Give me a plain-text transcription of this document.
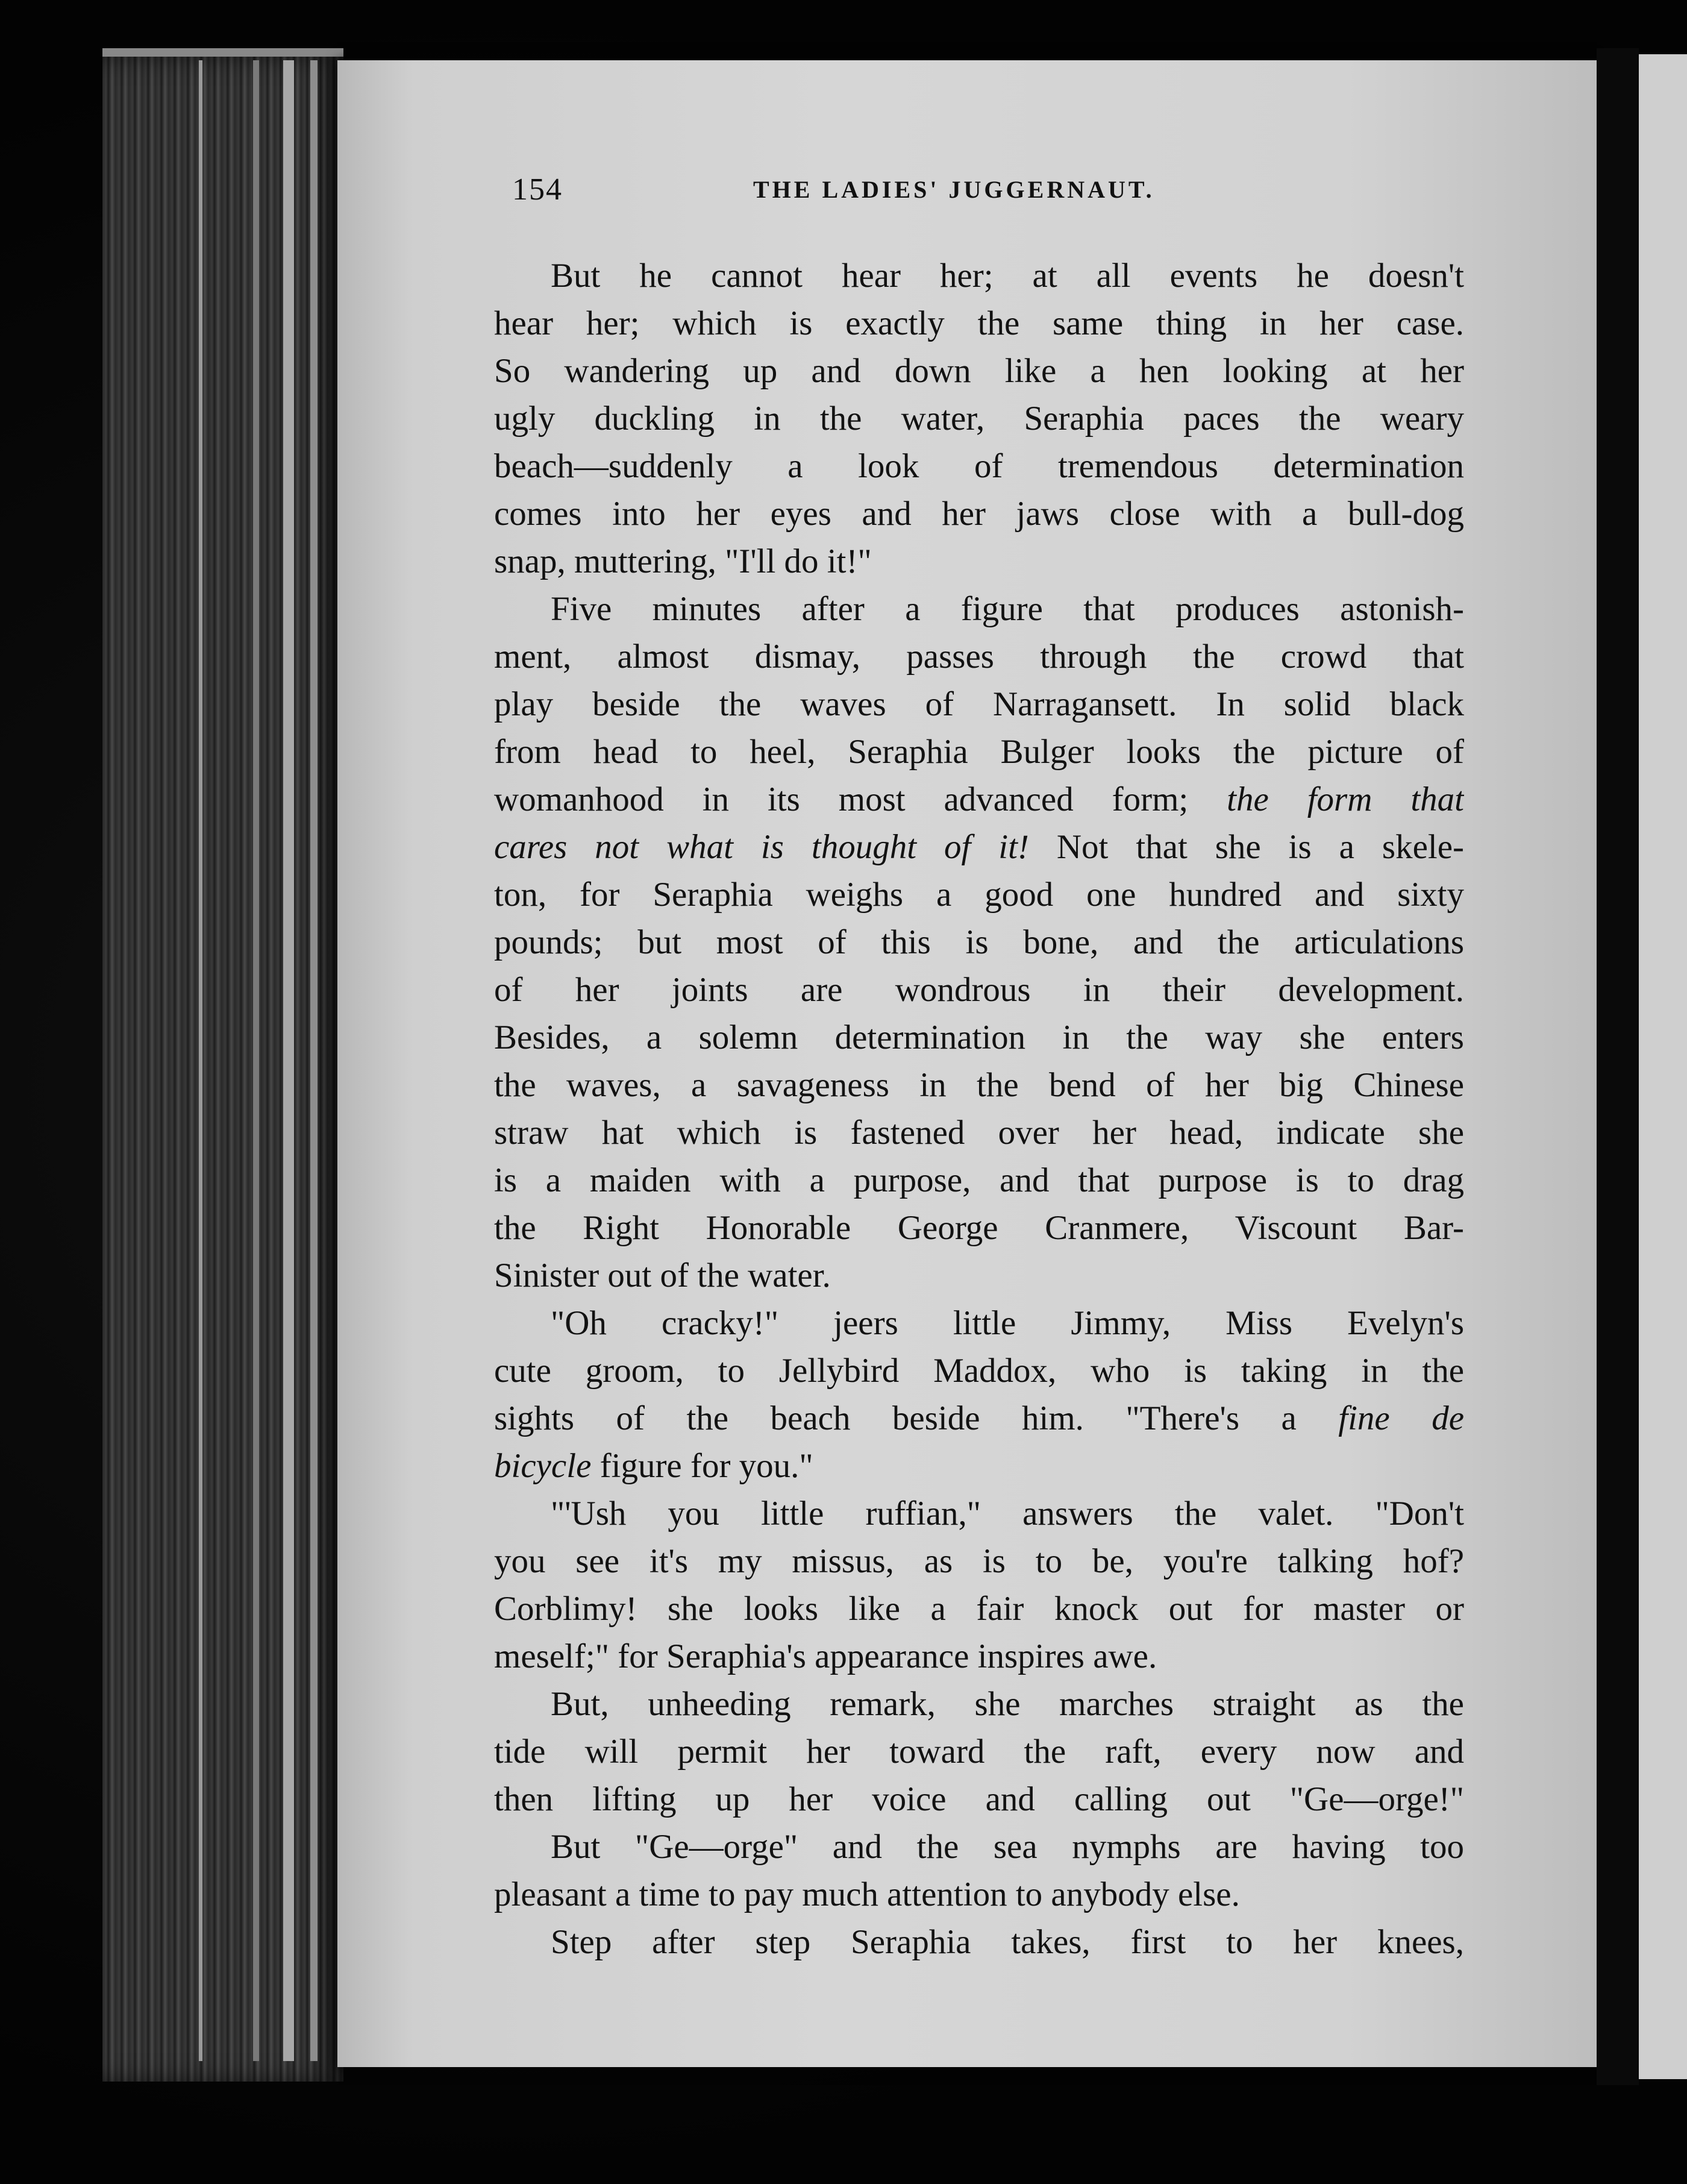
154	THE LADIES' JUGGERNAUT.
But he cannot hear her; at all events he doesn't
hear her; which is exactly the same thing in her case.
So wandering up and down like a hen looking at her
ugly duckling in the water, Seraphia paces the weary
beach—suddenly a look of tremendous determination
comes into her eyes and her jaws close with a bull-dog
snap, muttering, "I'll do it!"
Five minutes after a figure that produces astonish-
ment, almost dismay, passes through the crowd that
play beside the waves of Narragansett. In solid black
from head to heel, Seraphia Bulger looks the picture of
womanhood in its most advanced form; the form that
cares not what is thought of it! Not that she is a skele-
ton, for Seraphia weighs a good one hundred and sixty
pounds; but most of this is bone, and the articulations
of her joints are wondrous in their development.
Besides, a solemn determination in the way she enters
the waves, a savageness in the bend of her big Chinese
straw hat which is fastened over her head, indicate she
is a maiden with a purpose, and that purpose is to drag
the Right Honorable George Cranmere, Viscount Bar-
Sinister out of the water.
"Oh cracky!" jeers little Jimmy, Miss Evelyn's
cute groom, to Jellybird Maddox, who is taking in the
sights of the beach beside him. "There's a fine de
bicycle figure for you."
"'Ush you little ruffian," answers the valet. "Don't
you see it's my missus, as is to be, you're talking hof?
Corblimy! she looks like a fair knock out for master or
meself;" for Seraphia's appearance inspires awe.
But, unheeding remark, she marches straight as the
tide will permit her toward the raft, every now and
then lifting up her voice and calling out "Ge—orge!"
But "Ge—orge" and the sea nymphs are having too
pleasant a time to pay much attention to anybody else.
Step after step Seraphia takes, first to her knees,
